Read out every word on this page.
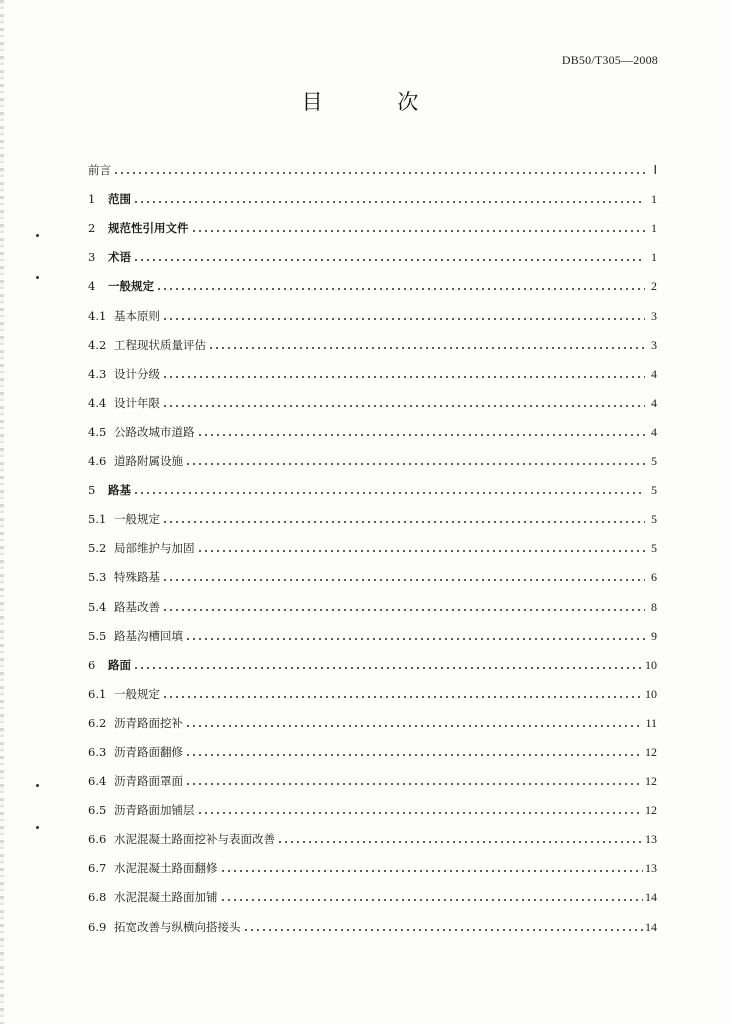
DB50/T305—2008
目 次
前言	Ⅰ
1	范围	1
2	规范性引用文件	1
3	术语	1
4	一般规定	2
4.1 基本原则	3
4.2 工程现状质量评估	3
4.3 设计分级	4
4.4 设计年限	4
4.5 公路改城市道路	4
4.6 道路附属设施	5
5	路基	5
5.1 一般规定	5
5.2 局部维护与加固	5
5.3 特殊路基	6
5.4 路基改善	8
5.5 路基沟槽回填	9
6	路面	10
6.1 一般规定	10
6.2 沥青路面挖补	11
6.3 沥青路面翻修	12
6.4 沥青路面罩面	12
6.5 沥青路面加铺层	12
6.6 水泥混凝土路面挖补与表面改善	13
6.7 水泥混凝土路面翻修	13
6.8 水泥混凝土路面加铺	14
6.9 拓宽改善与纵横向搭接头	14
